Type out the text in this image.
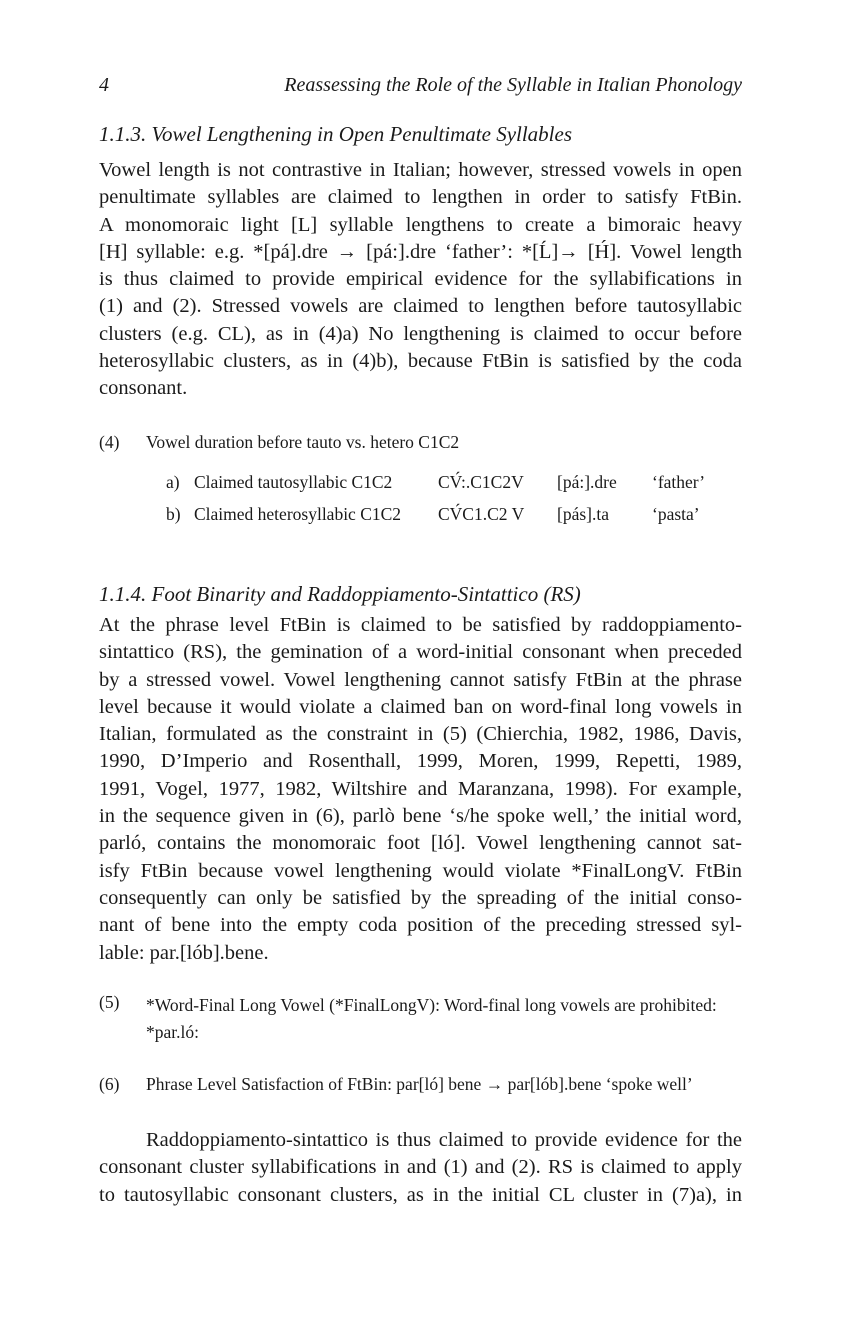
4	Reassessing the Role of the Syllable in Italian Phonology
1.1.3. Vowel Lengthening in Open Penultimate Syllables

Vowel length is not contrastive in Italian; however, stressed vowels in open
penultimate syllables are claimed to lengthen in order to satisfy FtBin.
A monomoraic light [L] syllable lengthens to create a bimoraic heavy
[H] syllable: e.g. *[pá].dre → [pá:].dre ‘father’: *[Ĺ]→ [H́]. Vowel length
is thus claimed to provide empirical evidence for the syllabifications in
(1) and (2). Stressed vowels are claimed to lengthen before tautosyllabic
clusters (e.g. CL), as in (4)a) No lengthening is claimed to occur before
heterosyllabic clusters, as in (4)b), because FtBin is satisfied by the coda
consonant.

(4) Vowel duration before tauto vs. hetero C1C2
a) Claimed tautosyllabic C1C2	CV́:.C1C2V [pá:].dre ‘father’
b) Claimed heterosyllabic C1C2 CV́C1.C2 V [pás].ta ‘pasta’
1.1.4. Foot Binarity and Raddoppiamento-Sintattico (RS)

At the phrase level FtBin is claimed to be satisfied by raddoppiamento-
sintattico (RS), the gemination of a word-initial consonant when preceded
by a stressed vowel. Vowel lengthening cannot satisfy FtBin at the phrase
level because it would violate a claimed ban on word-final long vowels in
Italian, formulated as the constraint in (5) (Chierchia, 1982, 1986, Davis,
1990, D’Imperio and Rosenthall, 1999, Moren, 1999, Repetti, 1989,
1991, Vogel, 1977, 1982, Wiltshire and Maranzana, 1998). For example,
in the sequence given in (6), parlò bene ‘s/he spoke well,’ the initial word,
parló, contains the monomoraic foot [ló]. Vowel lengthening cannot sat-
isfy FtBin because vowel lengthening would violate *FinalLongV. FtBin
consequently can only be satisfied by the spreading of the initial conso-
nant of bene into the empty coda position of the preceding stressed syl-
lable: par.[lób].bene.

(5) *Word-Final Long Vowel (*FinalLongV): Word-final long vowels are prohibited: *par.ló:
(6) Phrase Level Satisfaction of FtBin: par[ló] bene → par[lób].bene ‘spoke well’

Raddoppiamento-sintattico is thus claimed to provide evidence for the
consonant cluster syllabifications in and (1) and (2). RS is claimed to apply
to tautosyllabic consonant clusters, as in the initial CL cluster in (7)a), in
